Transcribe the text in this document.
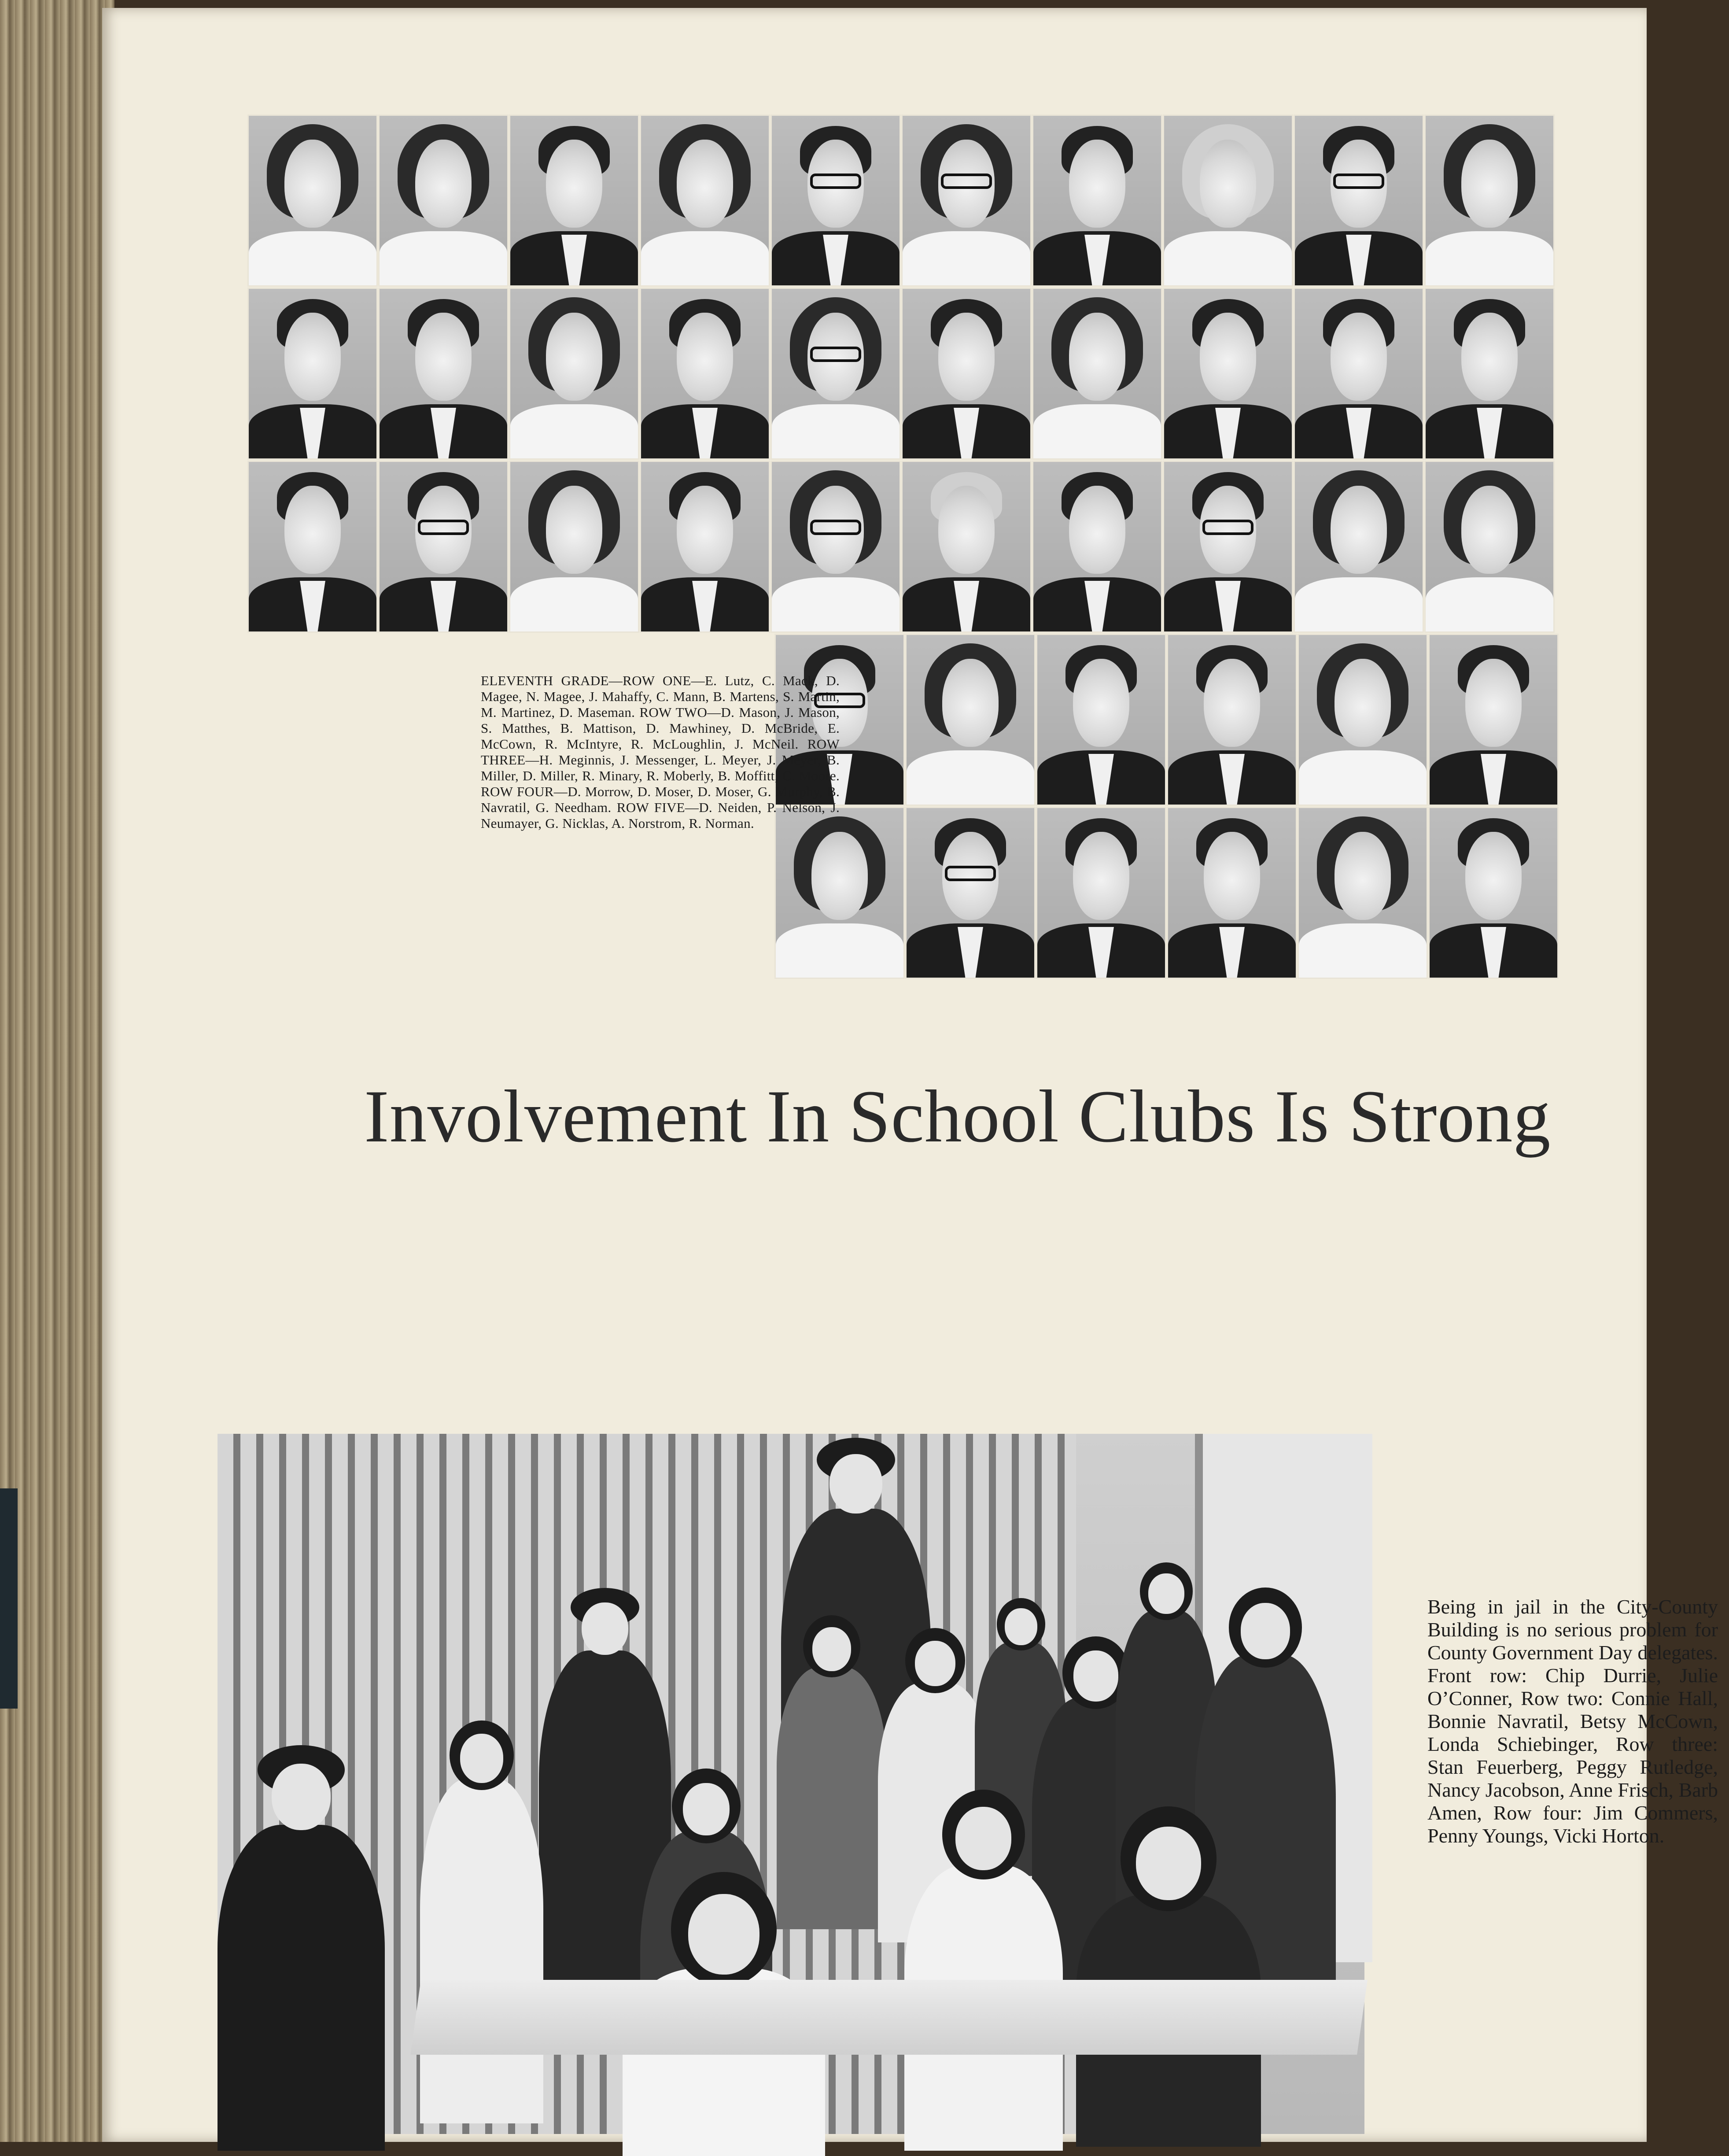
ELEVENTH GRADE—ROW ONE—E. Lutz, C. Mack, D. Magee, N. Magee, J. Mahaffy, C. Mann, B. Martens, S. Martin, M. Martinez, D. Maseman. ROW TWO—D. Mason, J. Mason, S. Matthes, B. Mattison, D. Mawhiney, D. McBride, E. McCown, R. McIntyre, R. McLoughlin, J. McNeil. ROW THREE—H. Meginnis, J. Messenger, L. Meyer, J. Meyer, B. Miller, D. Miller, R. Minary, R. Moberly, B. Moffitt, C. Moore. ROW FOUR—D. Morrow, D. Moser, D. Moser, G. Murphy, B. Navratil, G. Needham. ROW FIVE—D. Neiden, P. Nelson, J. Neumayer, G. Nicklas, A. Norstrom, R. Norman.
Involvement In School Clubs Is Strong
Being in jail in the City-County Building is no serious problem for County Government Day delegates. Front row: Chip Durrie, Julie O’Conner, Row two: Connie Hall, Bonnie Navratil, Betsy McCown, Londa Schiebinger, Row three: Stan Feuerberg, Peggy Rutledge, Nancy Jacobson, Anne Frisch, Barb Amen, Row four: Jim Commers, Penny Youngs, Vicki Horton.
